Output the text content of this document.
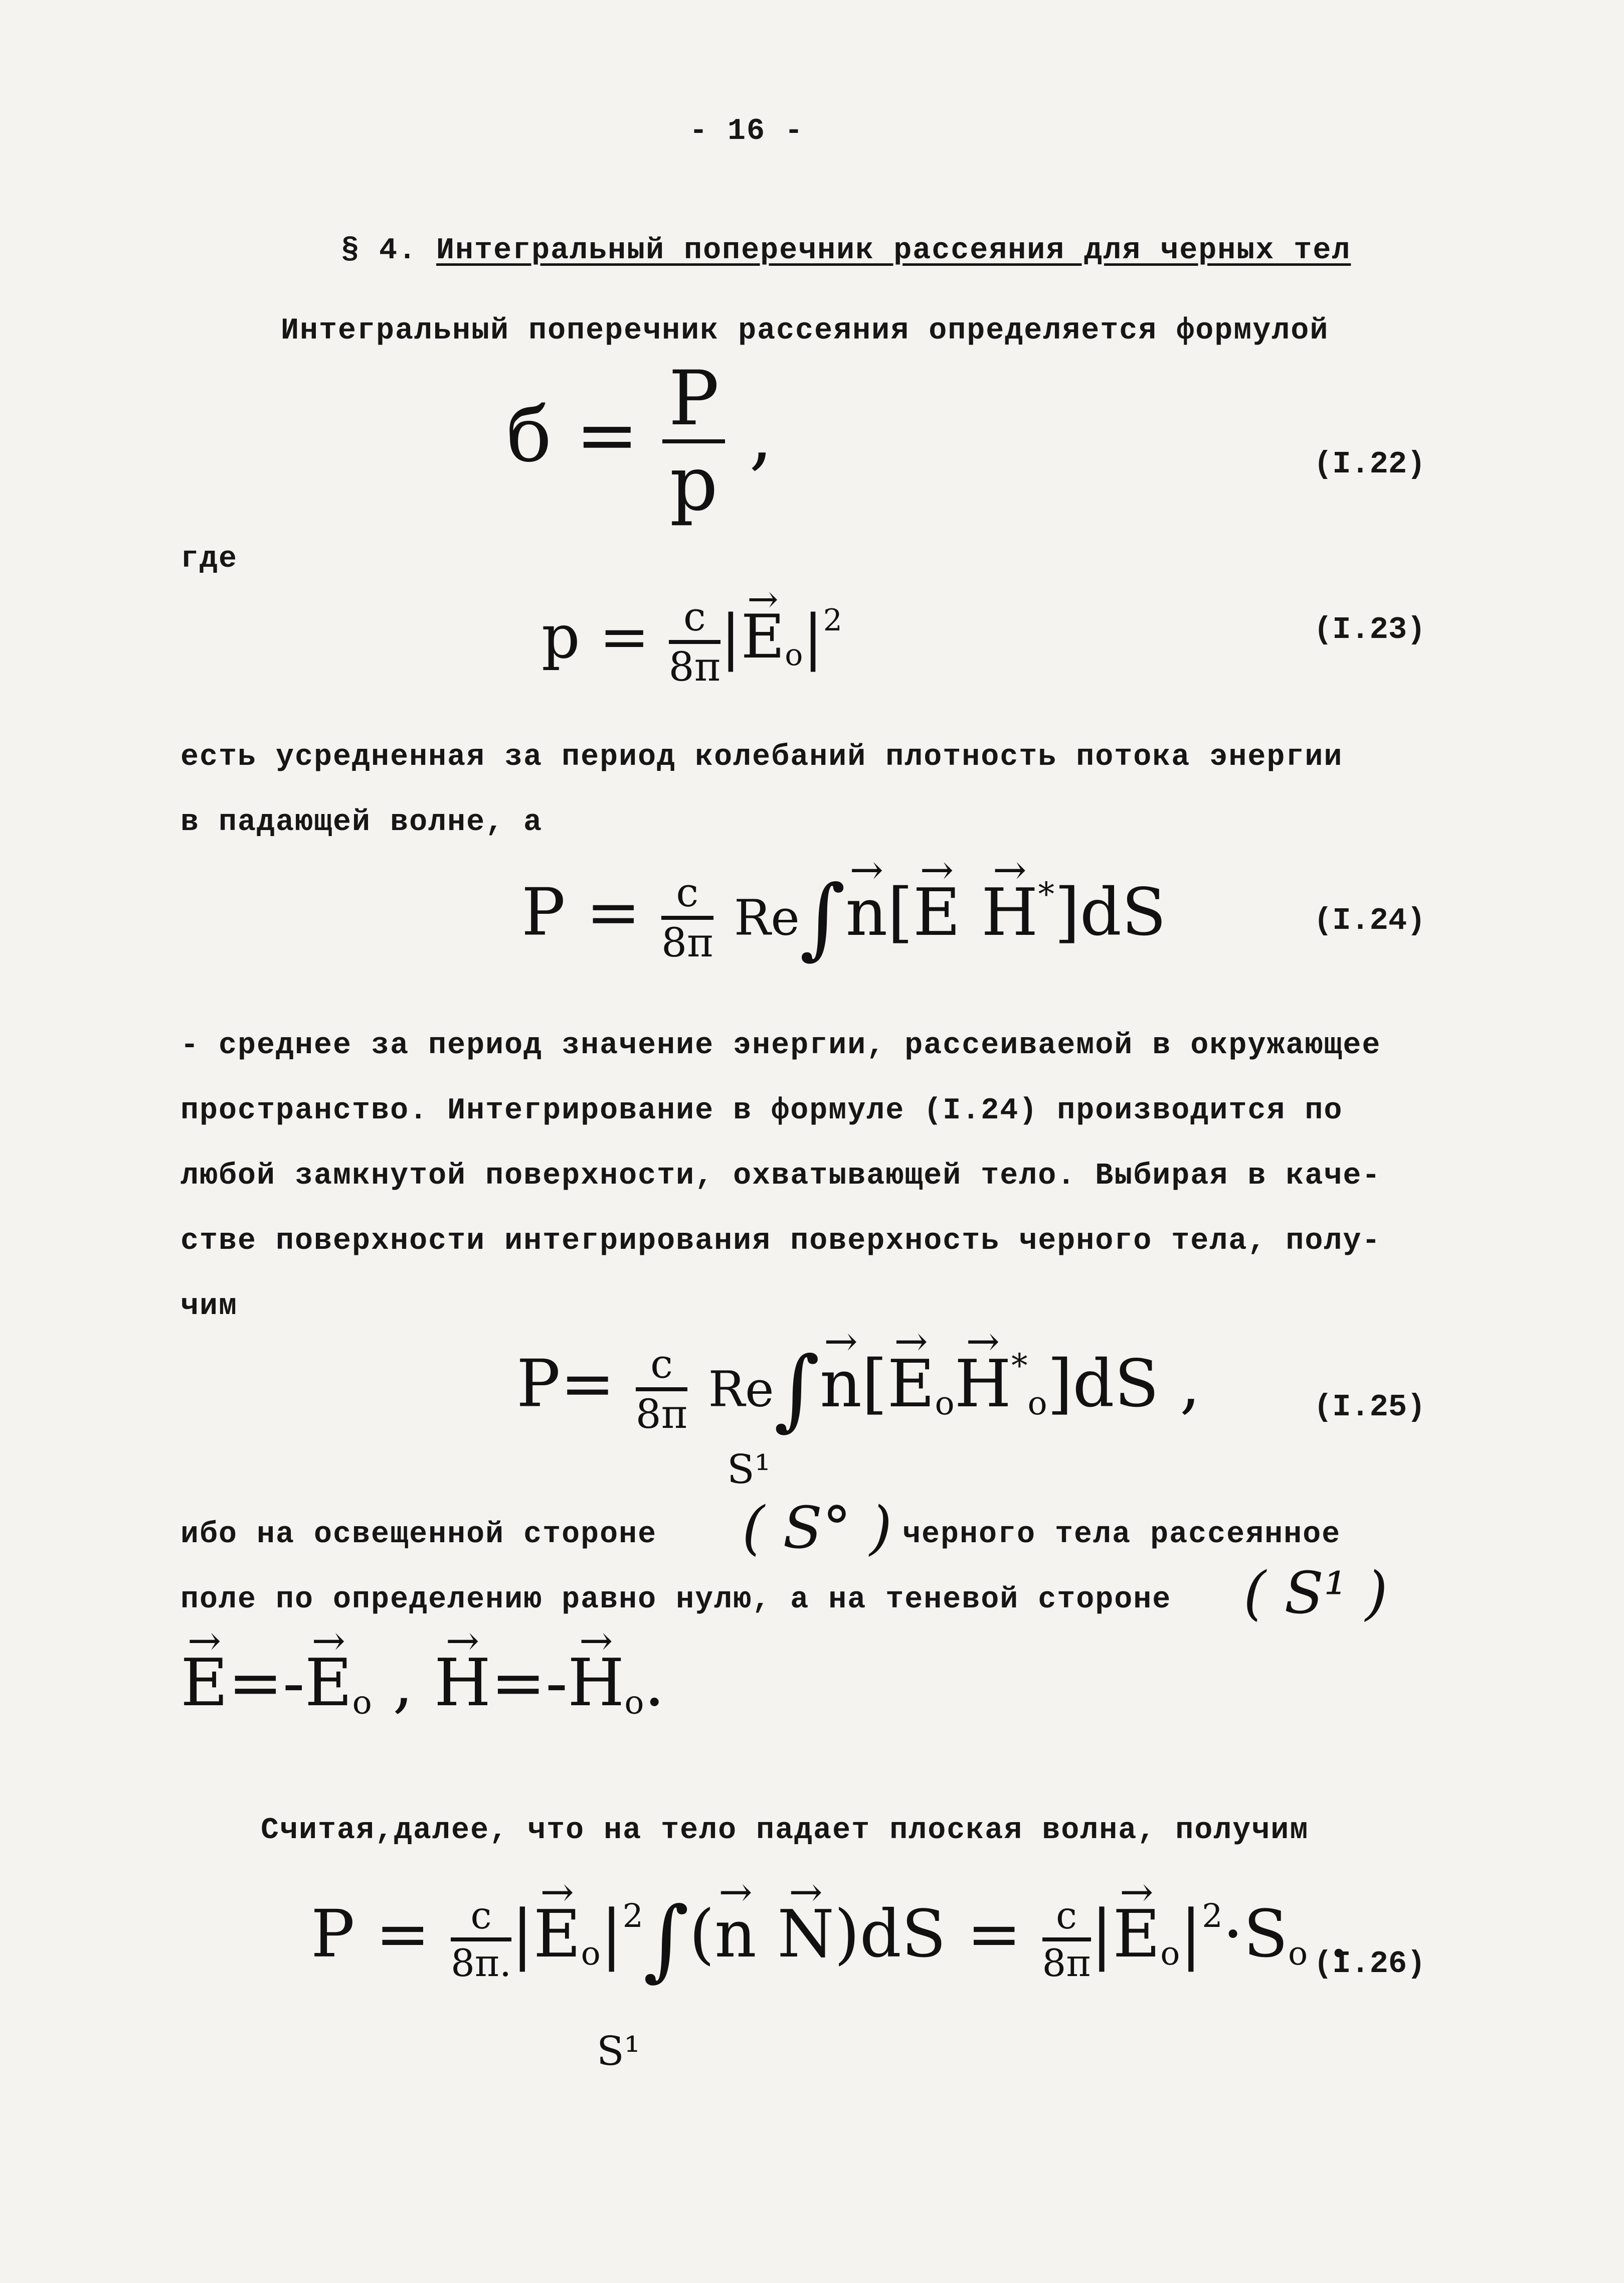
- 16 -
§ 4. Интегральный поперечник рассеяния для черных тел
Интегральный поперечник рассеяния определяется формулой
$б = \frac{P}{p}$ ,	(I.22)
где
$p = \frac{c}{8\pi}$ |→ $E_o|^2$	(I.23)
есть усредненная за период колебаний плотность потока энергии
в падающей волне, а
$P = \frac{c}{8\pi} Re\int\to n[\to E \to H^*]dS$	(I.24)
- среднее за период значение энергии, рассеиваемой в окружающее
пространство. Интегрирование в формуле (I.24) производится по
любой замкнутой поверхности, охватывающей тело. Выбирая в каче-
стве поверхности интегрирования поверхность черного тела, полу-
чим
$P= \frac{c}{8\pi} Re\int\to n[\to E_o\to H^*_o]dS$ ,
S¹
(I.25)
ибо на освещенной стороне ( S° ) черного тела рассеянное
поле по определению равно нулю, а на теневой стороне ( S¹ )
→ $E=-\to E_o$ , → $H=-\to H_o$.
Считая,далее, что на тело падает плоская волна, получим
$P = \frac{c}{8\pi.}$ |→ $E_o|^2\int(\to n \to N)dS = \frac{c}{8\pi}$ |→ $E_o|^2\cdot S_o$ .
S¹
(I.26)
